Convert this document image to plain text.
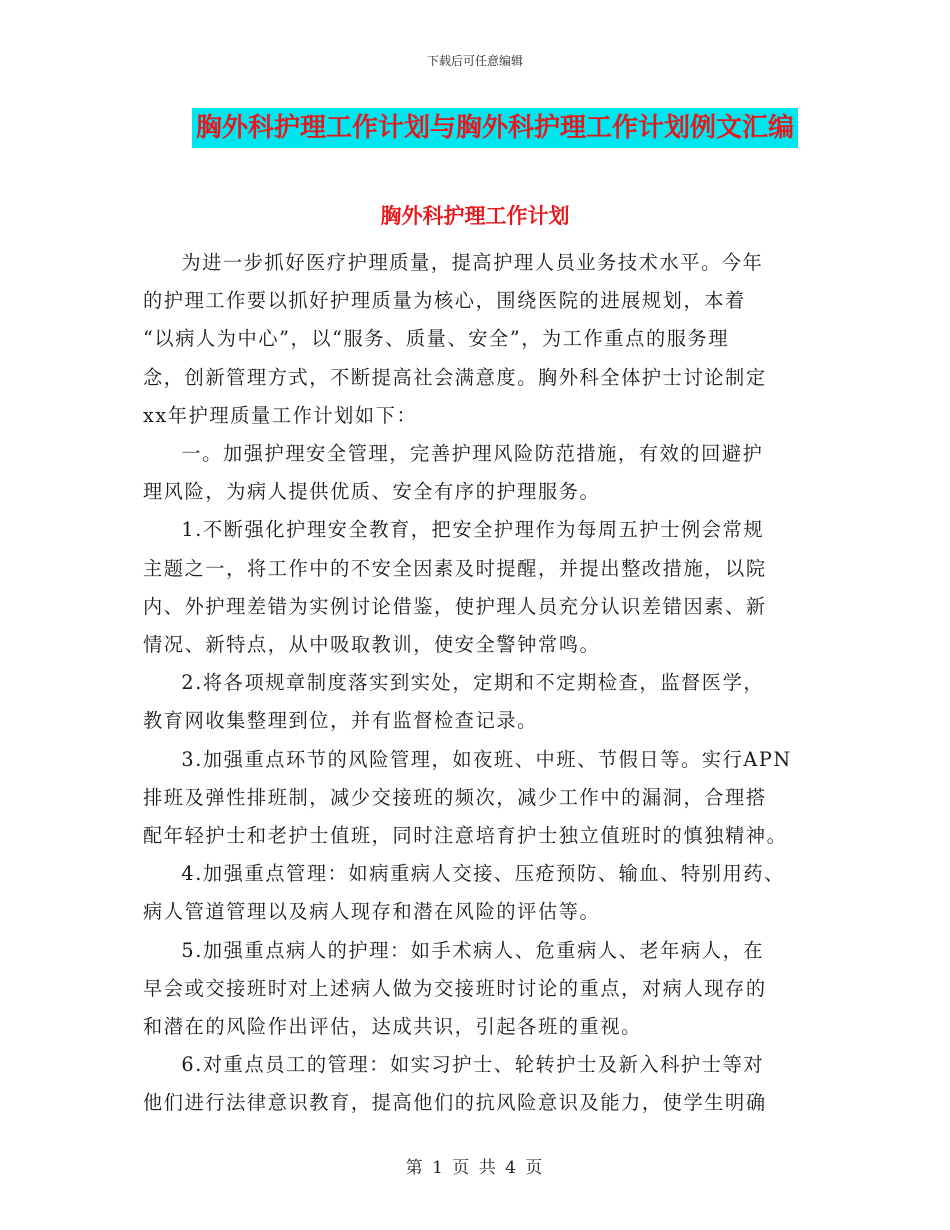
下载后可任意编辑
胸外科护理工作计划与胸外科护理工作计划例文汇编
胸外科护理工作计划

为进一步抓好医疗护理质量，提高护理人员业务技术水平。今年
的护理工作要以抓好护理质量为核心，围绕医院的进展规划，本着
“以病人为中心”，以“服务、质量、安全”，为工作重点的服务理
念，创新管理方式，不断提高社会满意度。胸外科全体护士讨论制定
xx年护理质量工作计划如下：

一。加强护理安全管理，完善护理风险防范措施，有效的回避护
理风险，为病人提供优质、安全有序的护理服务。

1.不断强化护理安全教育，把安全护理作为每周五护士例会常规
主题之一，将工作中的不安全因素及时提醒，并提出整改措施，以院
内、外护理差错为实例讨论借鉴，使护理人员充分认识差错因素、新
情况、新特点，从中吸取教训，使安全警钟常鸣。

2.将各项规章制度落实到实处，定期和不定期检查，监督医学，
教育网收集整理到位，并有监督检查记录。

3.加强重点环节的风险管理，如夜班、中班、节假日等。实行APN
排班及弹性排班制，减少交接班的频次，减少工作中的漏洞，合理搭
配年轻护士和老护士值班，同时注意培育护士独立值班时的慎独精神。

4.加强重点管理：如病重病人交接、压疮预防、输血、特别用药、
病人管道管理以及病人现存和潜在风险的评估等。

5.加强重点病人的护理：如手术病人、危重病人、老年病人，在
早会或交接班时对上述病人做为交接班时讨论的重点，对病人现存的
和潜在的风险作出评估，达成共识，引起各班的重视。

6.对重点员工的管理：如实习护士、轮转护士及新入科护士等对
他们进行法律意识教育，提高他们的抗风险意识及能力，使学生明确

第 1 页 共 4 页
